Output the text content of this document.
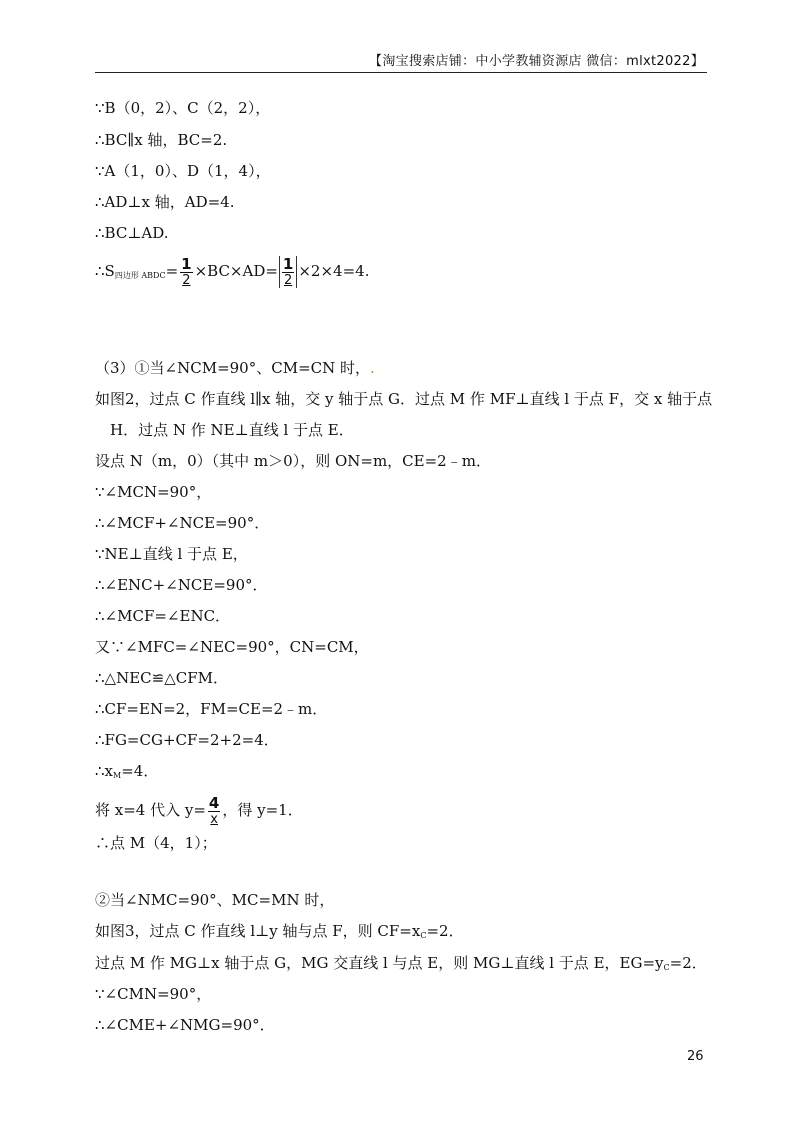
【淘宝搜索店铺：中小学教辅资源店 微信：mlxt2022】
∵B（0，2）、C（2，2），
∴BC∥x 轴，BC=2.
∵A（1，0）、D（1，4），
∴AD⊥x 轴，AD=4.
∴BC⊥AD.
$\therefore S_{四边形 ABDC}= \frac{1}{2} \times BC\times AD= \frac{1}{2} \times 2\times 4=4$.
（3）①当∠NCM=90°、CM=CN 时，.
如图2，过点 C 作直线 l∥x 轴，交 y 轴于点 G．过点 M 作 MF⊥直线 l 于点 F，交 x 轴于点
H．过点 N 作 NE⊥直线 l 于点 E．
设点 N（m，0）（其中 m＞0），则 ON=m，CE=2﹣m．
∵∠MCN=90°，
∴∠MCF+∠NCE=90°．
∵NE⊥直线 l 于点 E，
∴∠ENC+∠NCE=90°．
∴∠MCF=∠ENC．
又∵∠MFC=∠NEC=90°，CN=CM，
∴△NEC≌△CFM．
∴CF=EN=2，FM=CE=2﹣m．
∴FG=CG+CF=2+2=4．
$\therefore x_M=4$．
将 x=4 代入 $y= \frac{4}{x}$ ，得 y=1．
∴点 M（4，1）；
②当∠NMC=90°、MC=MN 时，
如图3，过点 C 作直线 l⊥y 轴与点 F，则 $CF=x_C=2$．
过点 M 作 MG⊥x 轴于点 G，MG 交直线 l 与点 E，则 MG⊥直线 l 于点 E，$EG=y_C=2$．
∵∠CMN=90°，
∴∠CME+∠NMG=90°．
26
